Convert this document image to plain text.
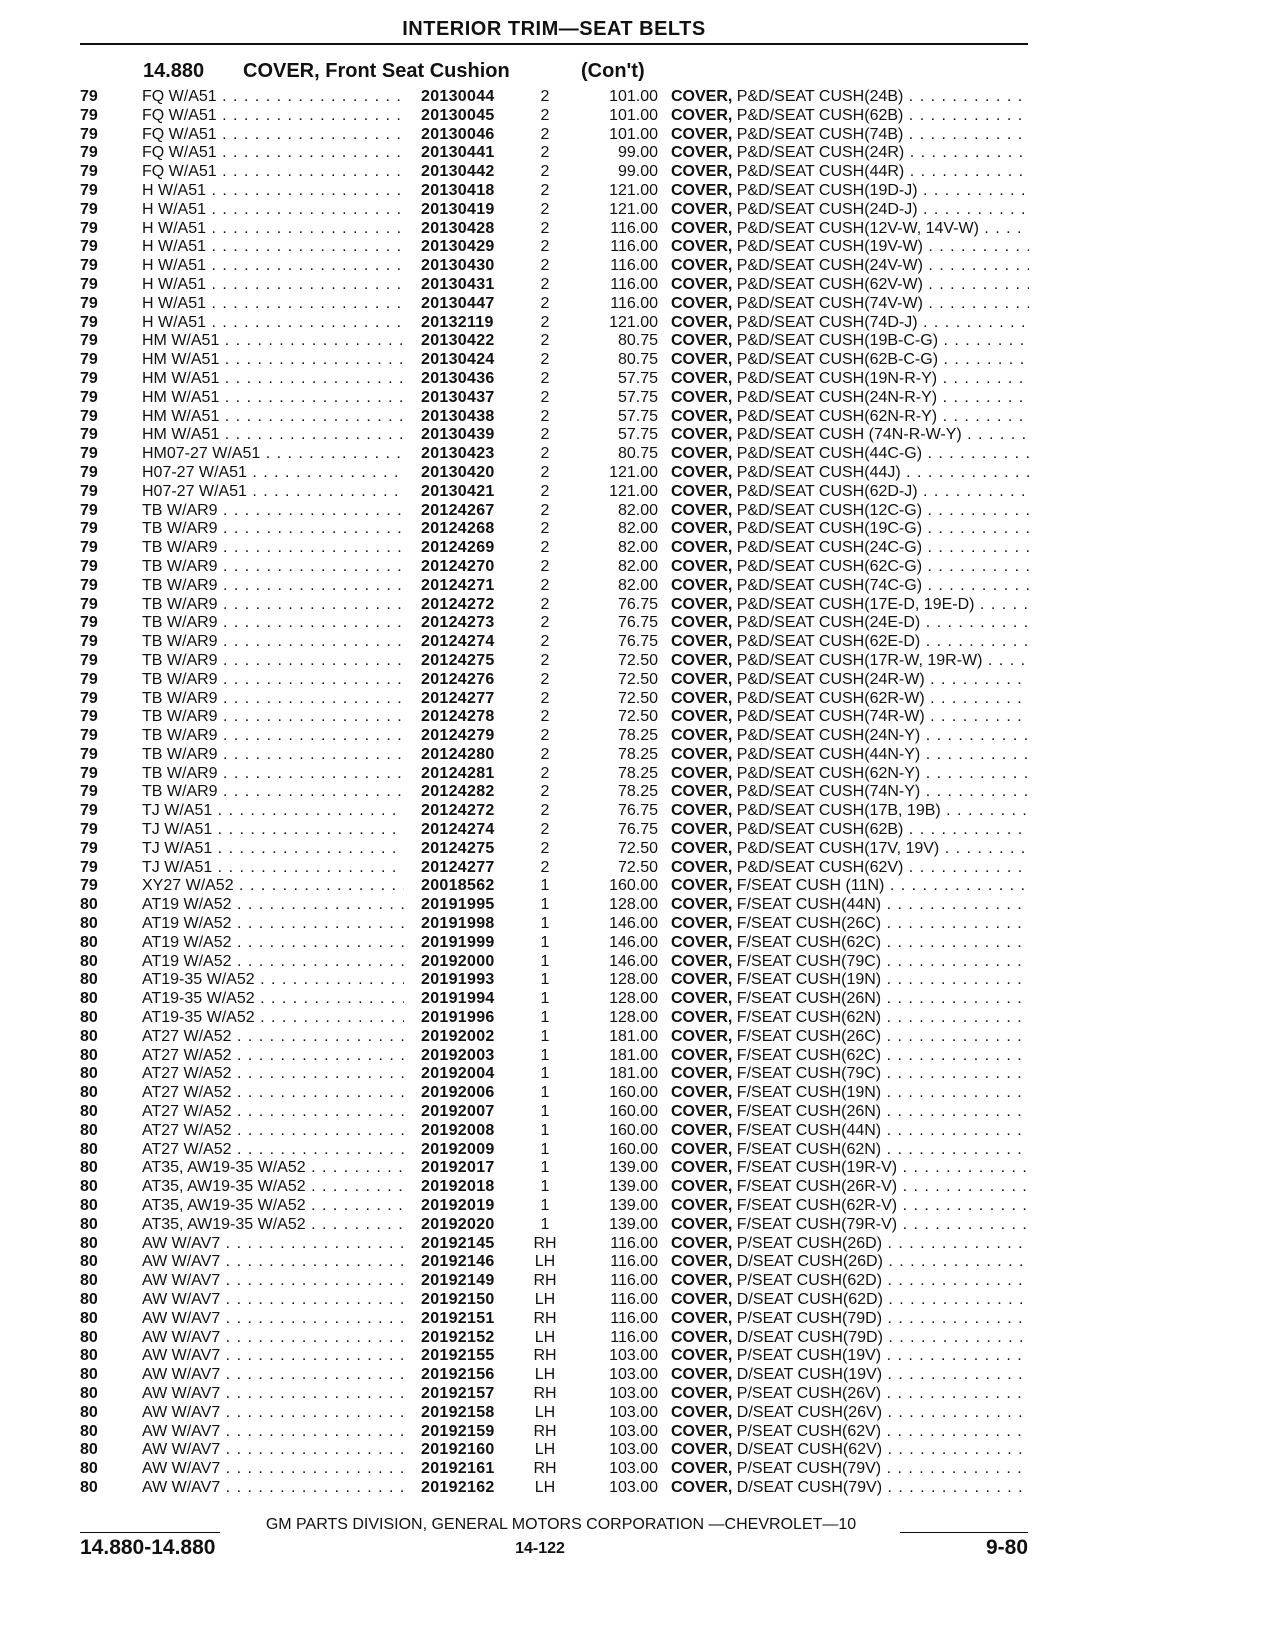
INTERIOR TRIM—SEAT BELTS
14.880 COVER, Front Seat Cushion	(Con't)
79	FQ W/A51 . . .	20130044	2	101.00 COVER, P&D/SEAT CUSH(24B) . . .
79	FQ W/A51 . . .	20130045	2	101.00 COVER, P&D/SEAT CUSH(62B) . . .
79	FQ W/A51 . . .	20130046	2	101.00 COVER, P&D/SEAT CUSH(74B) . . .
79	FQ W/A51 . . .	20130441	2	99.00 COVER, P&D/SEAT CUSH(24R) . . .
79	FQ W/A51 . . .	20130442	2	99.00 COVER, P&D/SEAT CUSH(44R) . . .
79	H W/A51 . . .	20130418	2	121.00 COVER, P&D/SEAT CUSH(19D-J) . . .
79	H W/A51 . . .	20130419	2	121.00 COVER, P&D/SEAT CUSH(24D-J) . . .
79	H W/A51 . . .	20130428	2	116.00 COVER, P&D/SEAT CUSH(12V-W, 14V-W) . . .
79	H W/A51 . . .	20130429	2	116.00 COVER, P&D/SEAT CUSH(19V-W) . . .
79	H W/A51 . . .	20130430	2	116.00 COVER, P&D/SEAT CUSH(24V-W) . . .
79	H W/A51 . . .	20130431	2	116.00 COVER, P&D/SEAT CUSH(62V-W) . . .
79	H W/A51 . . .	20130447	2	116.00 COVER, P&D/SEAT CUSH(74V-W) . . .
79	H W/A51 . . .	20132119	2	121.00 COVER, P&D/SEAT CUSH(74D-J) . . .
79	HM W/A51 . . .	20130422	2	80.75 COVER, P&D/SEAT CUSH(19B-C-G) . . .
79	HM W/A51 . . .	20130424	2	80.75 COVER, P&D/SEAT CUSH(62B-C-G) . . .
79	HM W/A51 . . .	20130436	2	57.75 COVER, P&D/SEAT CUSH(19N-R-Y) . . .
79	HM W/A51 . . .	20130437	2	57.75 COVER, P&D/SEAT CUSH(24N-R-Y) . . .
79	HM W/A51 . . .	20130438	2	57.75 COVER, P&D/SEAT CUSH(62N-R-Y) . . .
79	HM W/A51 . . .	20130439	2	57.75 COVER, P&D/SEAT CUSH (74N-R-W-Y) . . .
79	HM07-27 W/A51 . . .	20130423	2	80.75 COVER, P&D/SEAT CUSH(44C-G) . . .
79	H07-27 W/A51 . . .	20130420	2	121.00 COVER, P&D/SEAT CUSH(44J) . . .
79	H07-27 W/A51 . . .	20130421	2	121.00 COVER, P&D/SEAT CUSH(62D-J) . . .
79	TB W/AR9 . . .	20124267	2	82.00 COVER, P&D/SEAT CUSH(12C-G) . . .
79	TB W/AR9 . . .	20124268	2	82.00 COVER, P&D/SEAT CUSH(19C-G) . . .
79	TB W/AR9 . . .	20124269	2	82.00 COVER, P&D/SEAT CUSH(24C-G) . . .
79	TB W/AR9 . . .	20124270	2	82.00 COVER, P&D/SEAT CUSH(62C-G) . . .
79	TB W/AR9 . . .	20124271	2	82.00 COVER, P&D/SEAT CUSH(74C-G) . . .
79	TB W/AR9 . . .	20124272	2	76.75 COVER, P&D/SEAT CUSH(17E-D, 19E-D) . . .
79	TB W/AR9 . . .	20124273	2	76.75 COVER, P&D/SEAT CUSH(24E-D) . . .
79	TB W/AR9 . . .	20124274	2	76.75 COVER, P&D/SEAT CUSH(62E-D) . . .
79	TB W/AR9 . . .	20124275	2	72.50 COVER, P&D/SEAT CUSH(17R-W, 19R-W) . . .
79	TB W/AR9 . . .	20124276	2	72.50 COVER, P&D/SEAT CUSH(24R-W) . . .
79	TB W/AR9 . . .	20124277	2	72.50 COVER, P&D/SEAT CUSH(62R-W) . . .
79	TB W/AR9 . . .	20124278	2	72.50 COVER, P&D/SEAT CUSH(74R-W) . . .
79	TB W/AR9 . . .	20124279	2	78.25 COVER, P&D/SEAT CUSH(24N-Y) . . .
79	TB W/AR9 . . .	20124280	2	78.25 COVER, P&D/SEAT CUSH(44N-Y) . . .
79	TB W/AR9 . . .	20124281	2	78.25 COVER, P&D/SEAT CUSH(62N-Y) . . .
79	TB W/AR9 . . .	20124282	2	78.25 COVER, P&D/SEAT CUSH(74N-Y) . . .
79	TJ W/A51 . . .	20124272	2	76.75 COVER, P&D/SEAT CUSH(17B, 19B) . . .
79	TJ W/A51 . . .	20124274	2	76.75 COVER, P&D/SEAT CUSH(62B) . . .
79	TJ W/A51 . . .	20124275	2	72.50 COVER, P&D/SEAT CUSH(17V, 19V) . . .
79	TJ W/A51 . . .	20124277	2	72.50 COVER, P&D/SEAT CUSH(62V) . . .
79	XY27 W/A52 . . .	20018562	1	160.00 COVER, F/SEAT CUSH (11N) . . .
80	AT19 W/A52 . . .	20191995	1	128.00 COVER, F/SEAT CUSH(44N) . . .
80	AT19 W/A52 . . .	20191998	1	146.00 COVER, F/SEAT CUSH(26C) . . .
80	AT19 W/A52 . . .	20191999	1	146.00 COVER, F/SEAT CUSH(62C) . . .
80	AT19 W/A52 . . .	20192000	1	146.00 COVER, F/SEAT CUSH(79C) . . .
80	AT19-35 W/A52 . . .	20191993	1	128.00 COVER, F/SEAT CUSH(19N) . . .
80	AT19-35 W/A52 . . .	20191994	1	128.00 COVER, F/SEAT CUSH(26N) . . .
80	AT19-35 W/A52 . . .	20191996	1	128.00 COVER, F/SEAT CUSH(62N) . . .
80	AT27 W/A52 . . .	20192002	1	181.00 COVER, F/SEAT CUSH(26C) . . .
80	AT27 W/A52 . . .	20192003	1	181.00 COVER, F/SEAT CUSH(62C) . . .
80	AT27 W/A52 . . .	20192004	1	181.00 COVER, F/SEAT CUSH(79C) . . .
80	AT27 W/A52 . . .	20192006	1	160.00 COVER, F/SEAT CUSH(19N) . . .
80	AT27 W/A52 . . .	20192007	1	160.00 COVER, F/SEAT CUSH(26N) . . .
80	AT27 W/A52 . . .	20192008	1	160.00 COVER, F/SEAT CUSH(44N) . . .
80	AT27 W/A52 . . .	20192009	1	160.00 COVER, F/SEAT CUSH(62N) . . .
80	AT35, AW19-35 W/A52 . . .	20192017	1	139.00 COVER, F/SEAT CUSH(19R-V) . . .
80	AT35, AW19-35 W/A52 . . .	20192018	1	139.00 COVER, F/SEAT CUSH(26R-V) . . .
80	AT35, AW19-35 W/A52 . . .	20192019	1	139.00 COVER, F/SEAT CUSH(62R-V) . . .
80	AT35, AW19-35 W/A52 . . .	20192020	1	139.00 COVER, F/SEAT CUSH(79R-V) . . .
80	AW W/AV7 . . .	20192145	RH	116.00 COVER, P/SEAT CUSH(26D) . . .
80	AW W/AV7 . . .	20192146	LH	116.00 COVER, D/SEAT CUSH(26D) . . .
80	AW W/AV7 . . .	20192149	RH	116.00 COVER, P/SEAT CUSH(62D) . . .
80	AW W/AV7 . . .	20192150	LH	116.00 COVER, D/SEAT CUSH(62D) . . .
80	AW W/AV7 . . .	20192151	RH	116.00 COVER, P/SEAT CUSH(79D) . . .
80	AW W/AV7 . . .	20192152	LH	116.00 COVER, D/SEAT CUSH(79D) . . .
80	AW W/AV7 . . .	20192155	RH	103.00 COVER, P/SEAT CUSH(19V) . . .
80	AW W/AV7 . . .	20192156	LH	103.00 COVER, D/SEAT CUSH(19V) . . .
80	AW W/AV7 . . .	20192157	RH	103.00 COVER, P/SEAT CUSH(26V) . . .
80	AW W/AV7 . . .	20192158	LH	103.00 COVER, D/SEAT CUSH(26V) . . .
80	AW W/AV7 . . .	20192159	RH	103.00 COVER, P/SEAT CUSH(62V) . . .
80	AW W/AV7 . . .	20192160	LH	103.00 COVER, D/SEAT CUSH(62V) . . .
80	AW W/AV7 . . .	20192161	RH	103.00 COVER, P/SEAT CUSH(79V) . . .
80	AW W/AV7 . . .	20192162	LH	103.00 COVER, D/SEAT CUSH(79V) . . .
GM PARTS DIVISION, GENERAL MOTORS CORPORATION —CHEVROLET—10
14.880-14.880	14-122	9-80
